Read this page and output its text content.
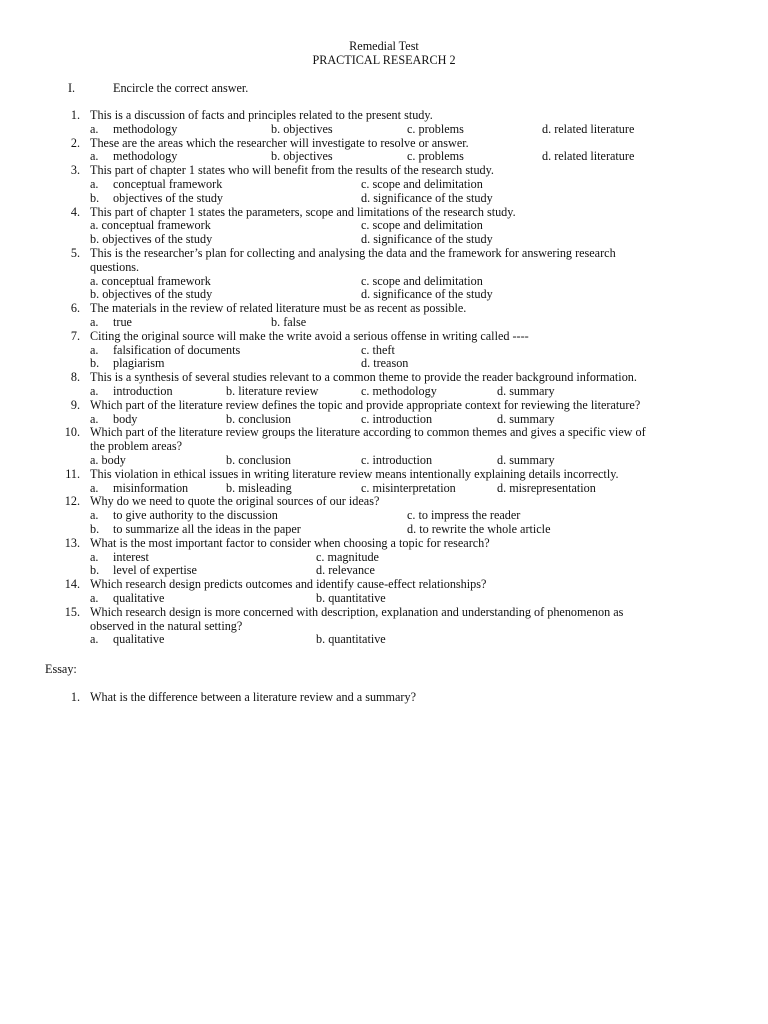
Remedial Test
PRACTICAL RESEARCH 2
I.	Encircle the correct answer.
1. This is a discussion of facts and principles related to the present study.
a. methodology	b. objectives	c. problems	d. related literature
2. These are the areas which the researcher will investigate to resolve or answer.
a. methodology	b. objectives	c. problems	d. related literature
3. This part of chapter 1 states who will benefit from the results of the research study.
a. conceptual framework	c. scope and delimitation
b. objectives of the study	d. significance of the study
4. This part of chapter 1 states the parameters, scope and limitations of the research study.
a. conceptual framework	c. scope and delimitation
b. objectives of the study	d. significance of the study
5. This is the researcher’s plan for collecting and analysing the data and the framework for answering research
questions.
a. conceptual framework	c. scope and delimitation
b. objectives of the study	d. significance of the study
6. The materials in the review of related literature must be as recent as possible.
a. true	b. false
7. Citing the original source will make the write avoid a serious offense in writing called ----
a. falsification of documents	c. theft
b. plagiarism	d. treason
8. This is a synthesis of several studies relevant to a common theme to provide the reader background information.
a. introduction	b. literature review	c. methodology	d. summary
9. Which part of the literature review defines the topic and provide appropriate context for reviewing the literature?
a. body	b. conclusion	c. introduction	d. summary
10. Which part of the literature review groups the literature according to common themes and gives a specific view of
the problem areas?
a. body	b. conclusion	c. introduction	d. summary
11. This violation in ethical issues in writing literature review means intentionally explaining details incorrectly.
a. misinformation	b. misleading	c. misinterpretation	d. misrepresentation
12. Why do we need to quote the original sources of our ideas?
a. to give authority to the discussion	c. to impress the reader
b. to summarize all the ideas in the paper	d. to rewrite the whole article
13. What is the most important factor to consider when choosing a topic for research?
a. interest	c. magnitude
b. level of expertise	d. relevance
14. Which research design predicts outcomes and identify cause-effect relationships?
a. qualitative	b. quantitative
15. Which research design is more concerned with description, explanation and understanding of phenomenon as
observed in the natural setting?
a. qualitative	b. quantitative
Essay:
1. What is the difference between a literature review and a summary?
